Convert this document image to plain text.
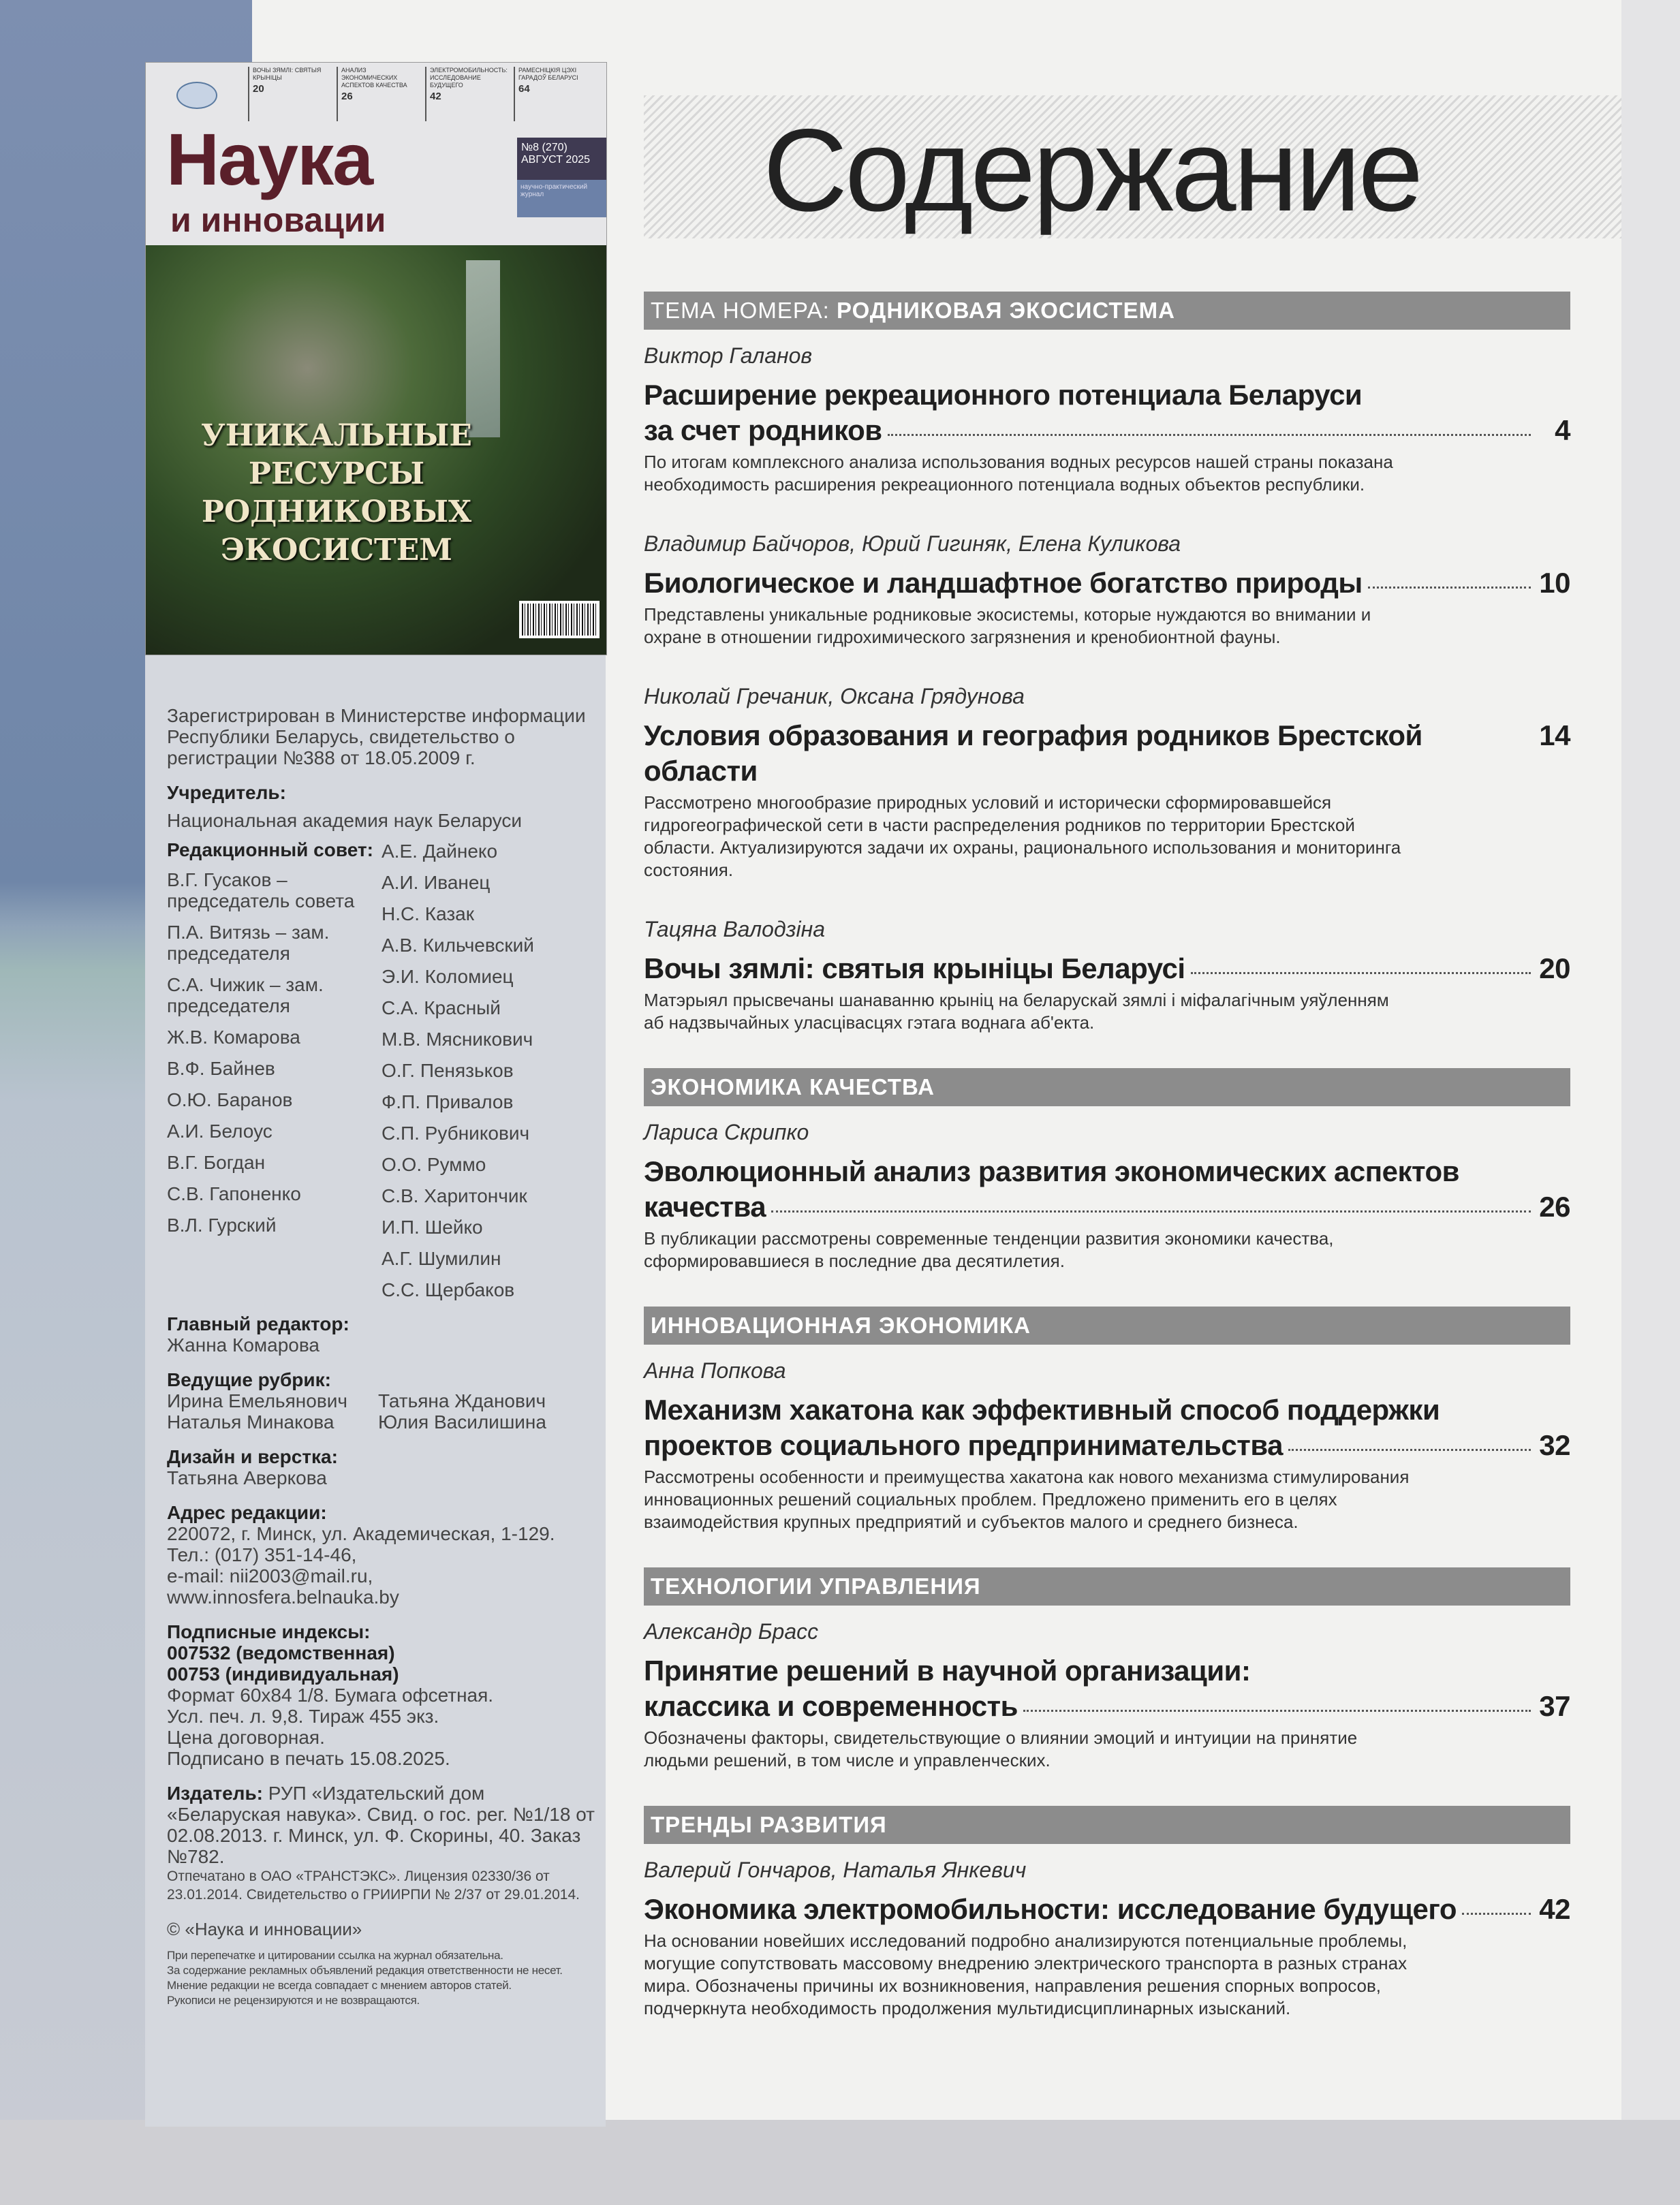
ВОЧЫ ЗЯМЛІ: СВЯТЫЯ КРЫНІЦЫ
20
АНАЛИЗ ЭКОНОМИЧЕСКИХ АСПЕКТОВ КАЧЕСТВА
26
ЭЛЕКТРОМОБИЛЬНОСТЬ: ИССЛЕДОВАНИЕ БУДУЩЕГО
42
РАМЕСНІЦКІЯ ЦЭХІ ГАРАДОЎ БЕЛАРУСІ
64
Наука
и инновации
№8 (270)
АВГУСТ 2025
научно-практический журнал
УНИКАЛЬНЫЕ РЕСУРСЫ РОДНИКОВЫХ ЭКОСИСТЕМ

Зарегистрирован в Министерстве информации Республики Беларусь, свидетельство о регистрации №388 от 18.05.2009 г.

Учредитель:

Национальная академия наук Беларуси

Редакционный совет:
В.Г. Гусаков – председатель совета
П.А. Витязь – зам. председателя
С.А. Чижик – зам. председателя
Ж.В. Комарова
В.Ф. Байнев
О.Ю. Баранов
А.И. Белоус
В.Г. Богдан
С.В. Гапоненко
В.Л. Гурский
А.Е. Дайнеко
А.И. Иванец
Н.С. Казак
А.В. Кильчевский
Э.И. Коломиец
С.А. Красный
М.В. Мясникович
О.Г. Пенязьков
Ф.П. Привалов
С.П. Рубникович
О.О. Руммо
С.В. Харитончик
И.П. Шейко
А.Г. Шумилин
С.С. Щербаков
Главный редактор:

Жанна Комарова

Ведущие рубрик:
Ирина Емельянович	Татьяна Жданович
Наталья Минакова	Юлия Василишина
Дизайн и верстка:

Татьяна Аверкова

Адрес редакции:

220072, г. Минск, ул. Академическая, 1-129.

Тел.: (017) 351-14-46,

e-mail: nii2003@mail.ru,

www.innosfera.belnauka.by

Подписные индексы:

007532 (ведомственная)

00753 (индивидуальная)

Формат 60x84 1/8. Бумага офсетная.

Усл. печ. л. 9,8. Тираж 455 экз.

Цена договорная.

Подписано в печать 15.08.2025.

Издатель: РУП «Издательский дом «Беларуская навука». Свид. о гос. рег. №1/18 от 02.08.2013. г. Минск, ул. Ф. Скорины, 40. Заказ №782.

Отпечатано в ОАО «ТРАНСТЭКС». Лицензия 02330/36 от 23.01.2014. Свидетельство о ГРИИРПИ № 2/37 от 29.01.2014.

© «Наука и инновации»

При перепечатке и цитировании ссылка на журнал обязательна.

За содержание рекламных объявлений редакция ответственности не несет.

Мнение редакции не всегда совпадает с мнением авторов статей.

Рукописи не рецензируются и не возвращаются.

Содержание
ТЕМА НОМЕРА: РОДНИКОВАЯ ЭКОСИСТЕМА
Виктор Галанов
Расширение рекреационного потенциала Беларуси
за счет родников	4
По итогам комплексного анализа использования водных ресурсов нашей страны показана необходимость расширения рекреационного потенциала водных объектов республики.
Владимир Байчоров, Юрий Гигиняк, Елена Куликова
Биологическое и ландшафтное богатство природы	10
Представлены уникальные родниковые экосистемы, которые нуждаются во внимании и охране в отношении гидрохимического загрязнения и кренобионтной фауны.
Николай Гречаник, Оксана Грядунова
Условия образования и география родников Брестской области
14
Рассмотрено многообразие природных условий и исторически сформировавшейся гидрогеографической сети в части распределения родников по территории Брестской области. Актуализируются задачи их охраны, рационального использования и мониторинга состояния.
Тацяна Валодзіна
Вочы зямлі: святыя крыніцы Беларусі	20
Матэрыял прысвечаны шанаванню крыніц на беларускай зямлі і міфалагічным уяўленням аб надзвычайных уласцівасцях гэтага воднага аб'екта.
ЭКОНОМИКА КАЧЕСТВА
Лариса Скрипко
Эволюционный анализ развития экономических аспектов
качества	26
В публикации рассмотрены современные тенденции развития экономики качества, сформировавшиеся в последние два десятилетия.
ИННОВАЦИОННАЯ ЭКОНОМИКА
Анна Попкова
Механизм хакатона как эффективный способ поддержки
проектов социального предпринимательства	32
Рассмотрены особенности и преимущества хакатона как нового механизма стимулирования инновационных решений социальных проблем. Предложено применить его в целях взаимодействия крупных предприятий и субъектов малого и среднего бизнеса.
ТЕХНОЛОГИИ УПРАВЛЕНИЯ
Александр Брасс
Принятие решений в научной организации:
классика и современность	37
Обозначены факторы, свидетельствующие о влиянии эмоций и интуиции на принятие людьми решений, в том числе и управленческих.
ТРЕНДЫ РАЗВИТИЯ
Валерий Гончаров, Наталья Янкевич
Экономика электромобильности: исследование будущего	42
На основании новейших исследований подробно анализируются потенциальные проблемы, могущие сопутствовать массовому внедрению электрического транспорта в разных странах мира. Обозначены причины их возникновения, направления решения спорных вопросов, подчеркнута необходимость продолжения мультидисциплинарных изысканий.
